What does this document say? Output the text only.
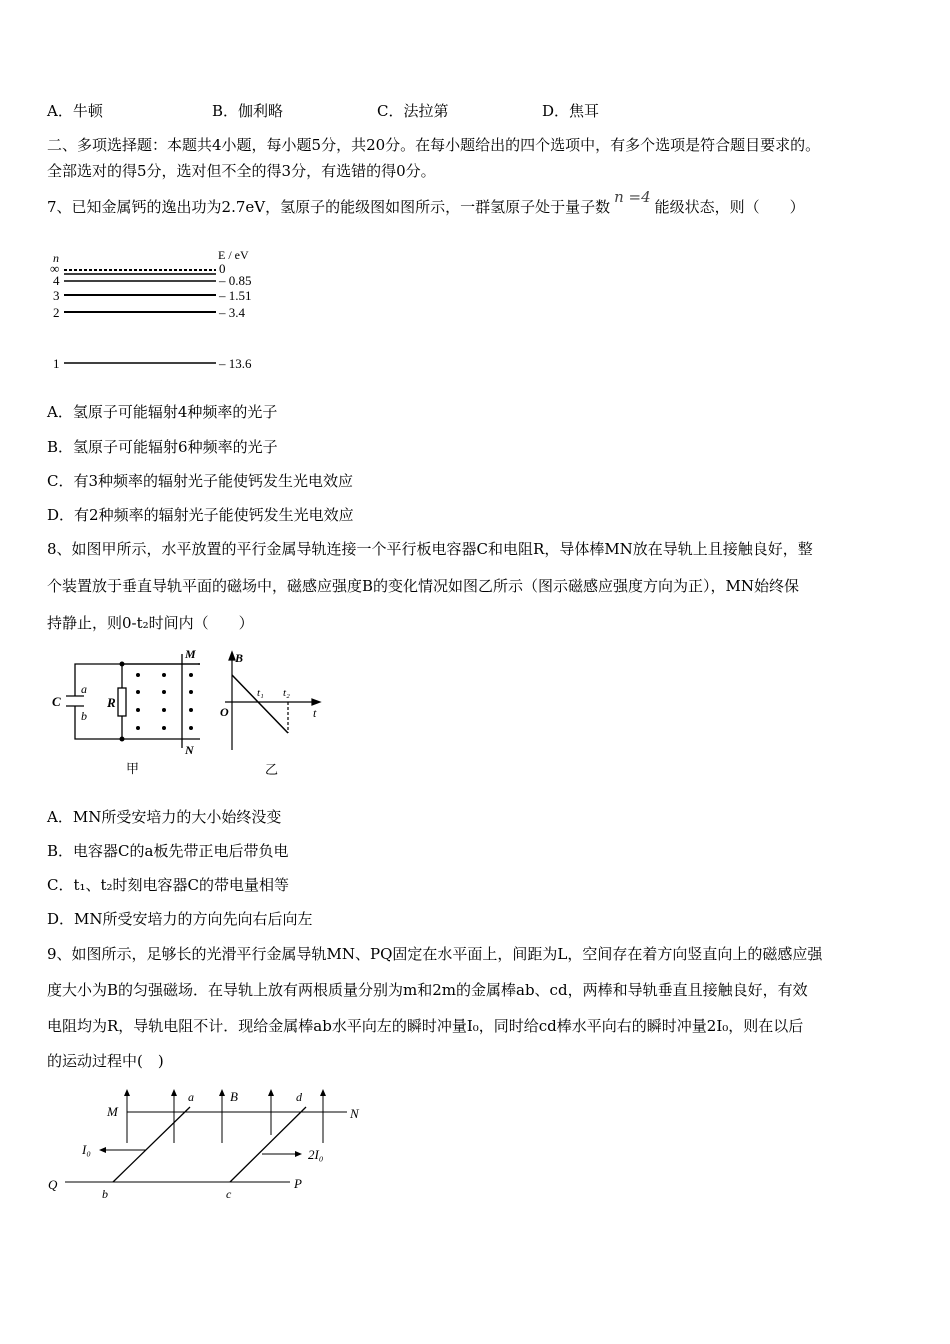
A．牛顿	B．伽利略	C．法拉第	D．焦耳
二、多项选择题：本题共4小题，每小题5分，共20分。在每小题给出的四个选项中，有多个选项是符合题目要求的。
全部选对的得5分，选对但不全的得3分，有选错的得0分。
7、已知金属钙的逸出功为2.7eV，氢原子的能级图如图所示，一群氢原子处于量子数n =4能级状态，则（　　）
n	E / eV
∞
4
3
2
1
0
– 0.85
– 1.51
– 3.4
– 13.6
A．氢原子可能辐射4种频率的光子
B．氢原子可能辐射6种频率的光子
C．有3种频率的辐射光子能使钙发生光电效应
D．有2种频率的辐射光子能使钙发生光电效应
8、如图甲所示，水平放置的平行金属导轨连接一个平行板电容器C和电阻R，导体棒MN放在导轨上且接触良好，整
个装置放于垂直导轨平面的磁场中，磁感应强度B的变化情况如图乙所示（图示磁感应强度方向为正），MN始终保
持静止，则0-t₂时间内（　　）
C
a
b
R
M
N
甲
B
O	t
t₁ t₂
乙
A．MN所受安培力的大小始终没变
B．电容器C的a板先带正电后带负电
C．t₁、t₂时刻电容器C的带电量相等
D．MN所受安培力的方向先向右后向左
9、如图所示，足够长的光滑平行金属导轨MN、PQ固定在水平面上，间距为L，空间存在着方向竖直向上的磁感应强
度大小为B的匀强磁场．在导轨上放有两根质量分别为m和2m的金属棒ab、cd，两棒和导轨垂直且接触良好，有效
电阻均为R，导轨电阻不计．现给金属棒ab水平向左的瞬时冲量I₀，同时给cd棒水平向右的瞬时冲量2I₀，则在以后
的运动过程中(　)
M	N
Q	P
a
b	c
d
B
I₀	2I₀
